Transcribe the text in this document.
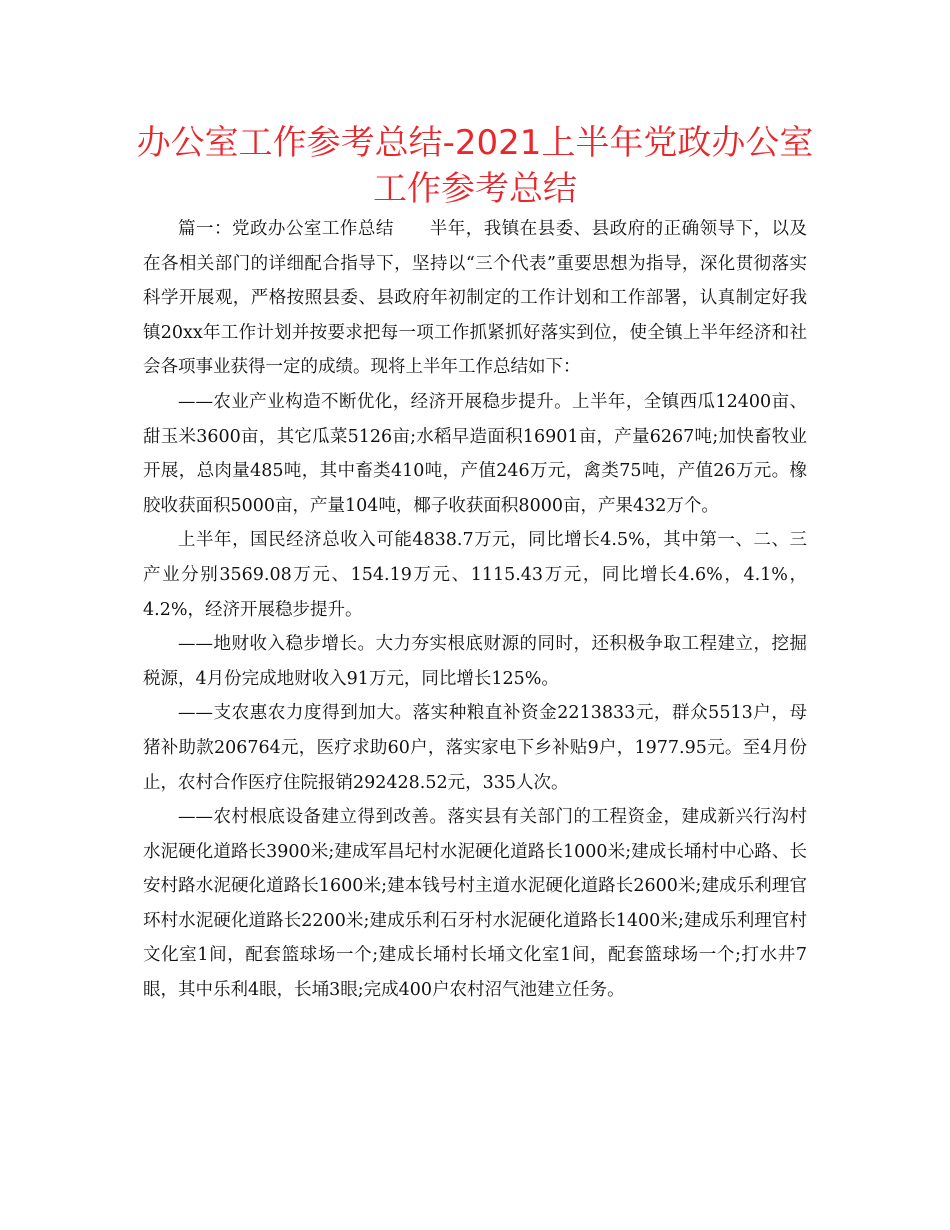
办公室工作参考总结-2021上半年党政办公室工作参考总结

篇一：党政办公室工作总结　　半年，我镇在县委、县政府的正确领导下，以及在各相关部门的详细配合指导下，坚持以“三个代表”重要思想为指导，深化贯彻落实科学开展观，严格按照县委、县政府年初制定的工作计划和工作部署，认真制定好我镇20xx年工作计划并按要求把每一项工作抓紧抓好落实到位，使全镇上半年经济和社会各项事业获得一定的成绩。现将上半年工作总结如下：

——农业产业构造不断优化，经济开展稳步提升。上半年，全镇西瓜12400亩、甜玉米3600亩，其它瓜菜5126亩;水稻早造面积16901亩，产量6267吨;加快畜牧业开展，总肉量485吨，其中畜类410吨，产值246万元，禽类75吨，产值26万元。橡胶收获面积5000亩，产量104吨，椰子收获面积8000亩，产果432万个。

上半年，国民经济总收入可能4838.7万元，同比增长4.5%，其中第一、二、三产业分别3569.08万元、154.19万元、1115.43万元，同比增长4.6%，4.1%，4.2%，经济开展稳步提升。

——地财收入稳步增长。大力夯实根底财源的同时，还积极争取工程建立，挖掘税源，4月份完成地财收入91万元，同比增长125%。

——支农惠农力度得到加大。落实种粮直补资金2213833元，群众5513户，母猪补助款206764元，医疗求助60户，落实家电下乡补贴9户，1977.95元。至4月份止，农村合作医疗住院报销292428.52元，335人次。

——农村根底设备建立得到改善。落实县有关部门的工程资金，建成新兴行沟村水泥硬化道路长3900米;建成军昌圮村水泥硬化道路长1000米;建成长埇村中心路、长安村路水泥硬化道路长1600米;建本钱号村主道水泥硬化道路长2600米;建成乐利理官环村水泥硬化道路长2200米;建成乐利石牙村水泥硬化道路长1400米;建成乐利理官村文化室1间，配套篮球场一个;建成长埇村长埇文化室1间，配套篮球场一个;打水井7眼，其中乐利4眼，长埇3眼;完成400户农村沼气池建立任务。
